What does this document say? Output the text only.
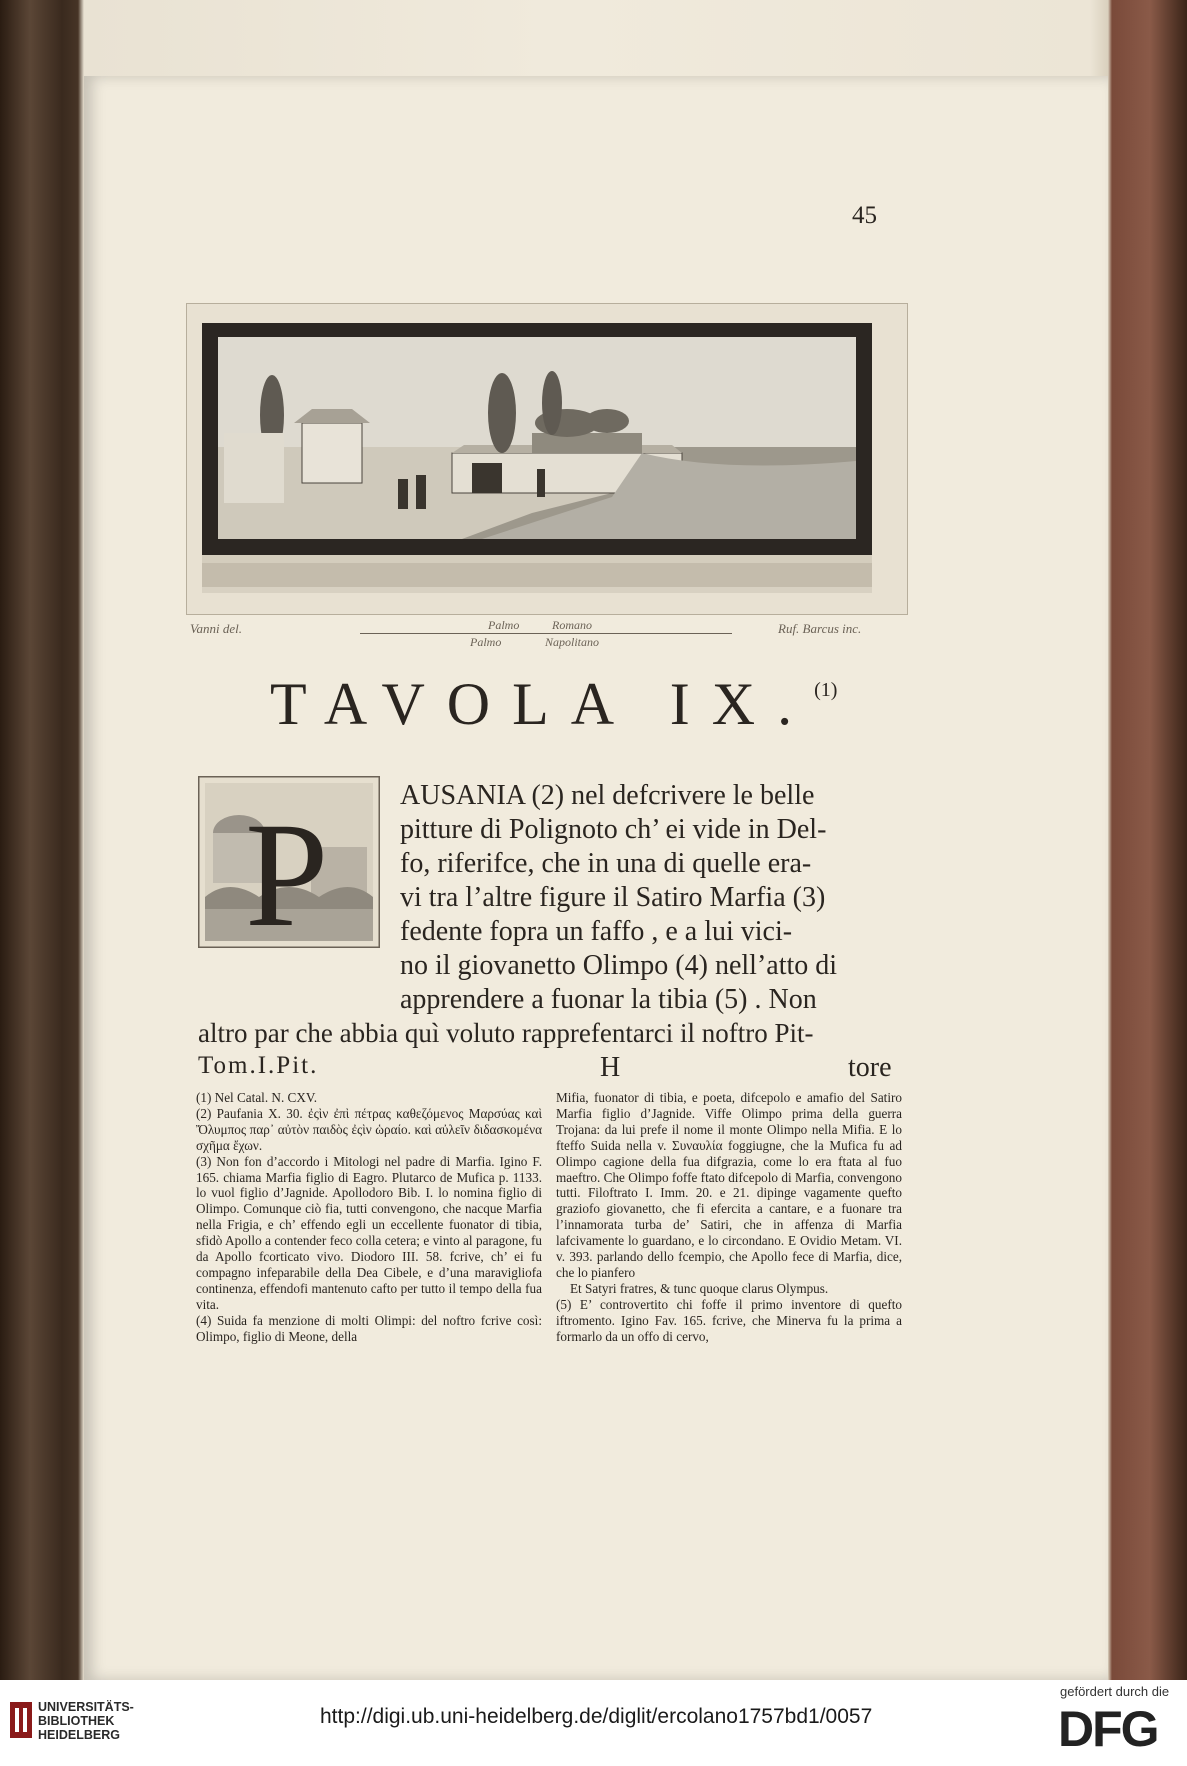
45
Vanni del.	Ruf. Barcus inc.
Palmo	Romano
Palmo	Napolitano
TAVOLA IX.$^{(1)}$
P	AUSANIA (2) nel defcrivere le belle
pitture di Polignoto ch’ ei vide in Del-
fo, riferifce, che in una di quelle era-
vi tra l’altre figure il Satiro Marfia (3)
fedente fopra un faffo , e a lui vici-
no il giovanetto Olimpo (4) nell’atto di
apprendere a fuonar la tibia (5) . Non
altro par che abbia quì voluto rapprefentarci il noftro Pit-
Tom.I.Pit.	H	tore

(1) Nel Catal. N. CXV.

(2) Paufania X. 30. ἐςὶν ἐπὶ πέτρας καθεζόμενος Μαρσύας καὶ Ὄλυμπος παρ᾽ αὐτὸν παιδὸς ἐςὶν ὡραίο. καὶ αὐλεῖν διδασκομένα σχῆμα ἔχων.

(3) Non fon d’accordo i Mitologi nel padre di Marfia. Igino F. 165. chiama Marfia figlio di Eagro. Plutarco de Mufica p. 1133. lo vuol figlio d’Jagnide. Apollodoro Bib. I. lo nomina figlio di Olimpo. Comunque ciò fia, tutti convengono, che nacque Marfia nella Frigia, e ch’ effendo egli un eccellente fuonator di tibia, sfidò Apollo a contender feco colla cetera; e vinto al paragone, fu da Apollo fcorticato vivo. Diodoro III. 58. fcrive, ch’ ei fu compagno infeparabile della Dea Cibele, e d’una maravigliofa continenza, effendofi mantenuto cafto per tutto il tempo della fua vita.

(4) Suida fa menzione di molti Olimpi: del noftro fcrive così: Olimpo, figlio di Meone, della

Mifia, fuonator di tibia, e poeta, difcepolo e amafio del Satiro Marfia figlio d’Jagnide. Viffe Olimpo prima della guerra Trojana: da lui prefe il nome il monte Olimpo nella Mifia. E lo fteffo Suida nella v. Συναυλία foggiugne, che la Mufica fu ad Olimpo cagione della fua difgrazia, come lo era ftata al fuo maeftro. Che Olimpo foffe ftato difcepolo di Marfia, convengono tutti. Filoftrato I. Imm. 20. e 21. dipinge vagamente quefto graziofo giovanetto, che fi efercita a cantare, e a fuonare tra l’innamorata turba de’ Satiri, che in affenza di Marfia lafcivamente lo guardano, e lo circondano. E Ovidio Metam. VI. v. 393. parlando dello fcempio, che Apollo fece di Marfia, dice, che lo pianfero

Et Satyri fratres, & tunc quoque clarus Olympus.

(5) E’ controvertito chi foffe il primo inventore di quefto iftromento. Igino Fav. 165. fcrive, che Minerva fu la prima a formarlo da un offo di cervo,

UNIVERSITÄTS-
BIBLIOTHEK
HEIDELBERG
http://digi.ub.uni-heidelberg.de/diglit/ercolano1757bd1/0057
gefördert durch die
DFG
